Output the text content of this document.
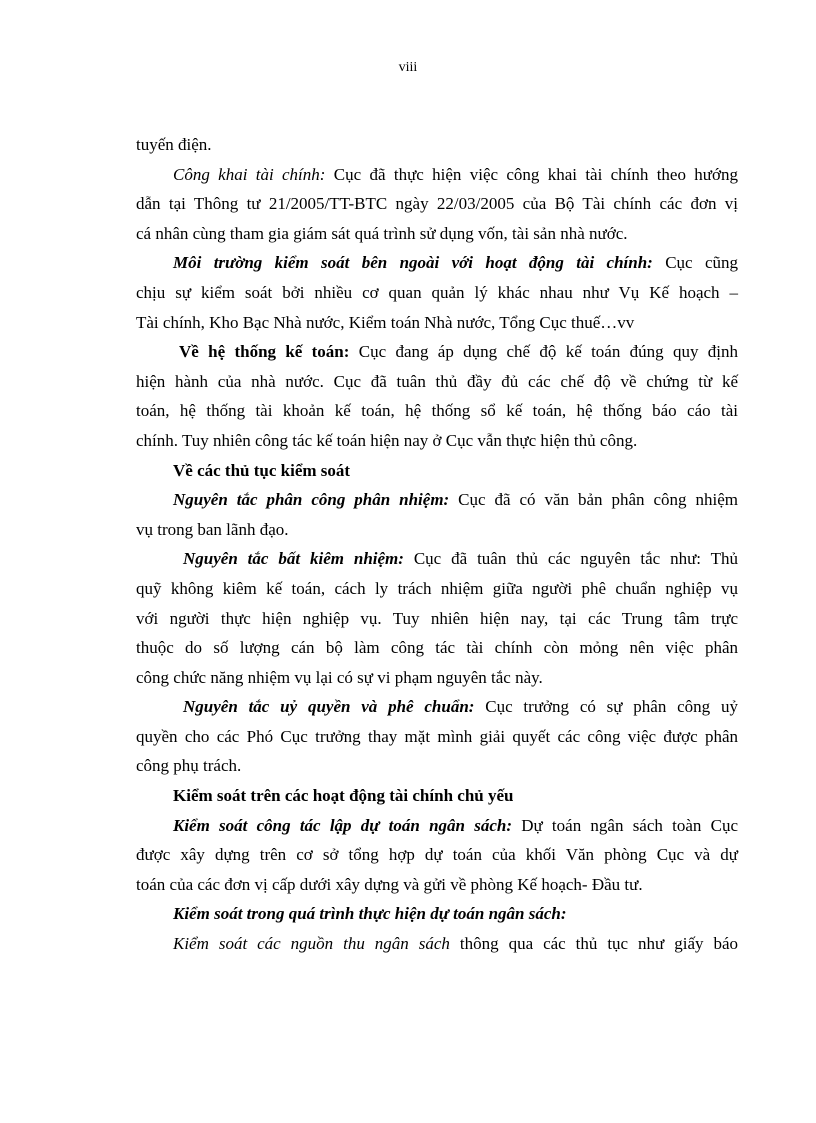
viii
tuyến điện.
Công khai tài chính: Cục đã thực hiện việc công khai tài chính theo hướng
dẫn tại Thông tư 21/2005/TT-BTC ngày 22/03/2005 của Bộ Tài chính các đơn vị
cá nhân cùng tham gia giám sát quá trình sử dụng vốn, tài sản nhà nước.
Môi trường kiểm soát bên ngoài với hoạt động tài chính: Cục cũng
chịu sự kiểm soát bởi nhiều cơ quan quản lý khác nhau như Vụ Kế hoạch –
Tài chính, Kho Bạc Nhà nước, Kiểm toán Nhà nước, Tổng Cục thuế…vv
Về hệ thống kế toán: Cục đang áp dụng chế độ kế toán đúng quy định
hiện hành của nhà nước. Cục đã tuân thủ đầy đủ các chế độ về chứng từ kế
toán, hệ thống tài khoản kế toán, hệ thống sổ kế toán, hệ thống báo cáo tài
chính. Tuy nhiên công tác kế toán hiện nay ở Cục vẫn thực hiện thủ công.
Về các thủ tục kiểm soát
Nguyên tắc phân công phân nhiệm: Cục đã có văn bản phân công nhiệm
vụ trong ban lãnh đạo.
Nguyên tắc bất kiêm nhiệm: Cục đã tuân thủ các nguyên tắc như: Thủ
quỹ không kiêm kế toán, cách ly trách nhiệm giữa người phê chuẩn nghiệp vụ
với người thực hiện nghiệp vụ. Tuy nhiên hiện nay, tại các Trung tâm trực
thuộc do số lượng cán bộ làm công tác tài chính còn mỏng nên việc phân
công chức năng nhiệm vụ lại có sự vi phạm nguyên tắc này.
Nguyên tắc uỷ quyền và phê chuẩn: Cục trưởng có sự phân công uỷ
quyền cho các Phó Cục trưởng thay mặt mình giải quyết các công việc được phân
công phụ trách.
Kiểm soát trên các hoạt động tài chính chủ yếu
Kiểm soát công tác lập dự toán ngân sách: Dự toán ngân sách toàn Cục
được xây dựng trên cơ sở tổng hợp dự toán của khối Văn phòng Cục và dự
toán của các đơn vị cấp dưới xây dựng và gửi về phòng Kế hoạch- Đầu tư.
Kiểm soát trong quá trình thực hiện dự toán ngân sách:
Kiểm soát các nguồn thu ngân sách thông qua các thủ tục như giấy báo
